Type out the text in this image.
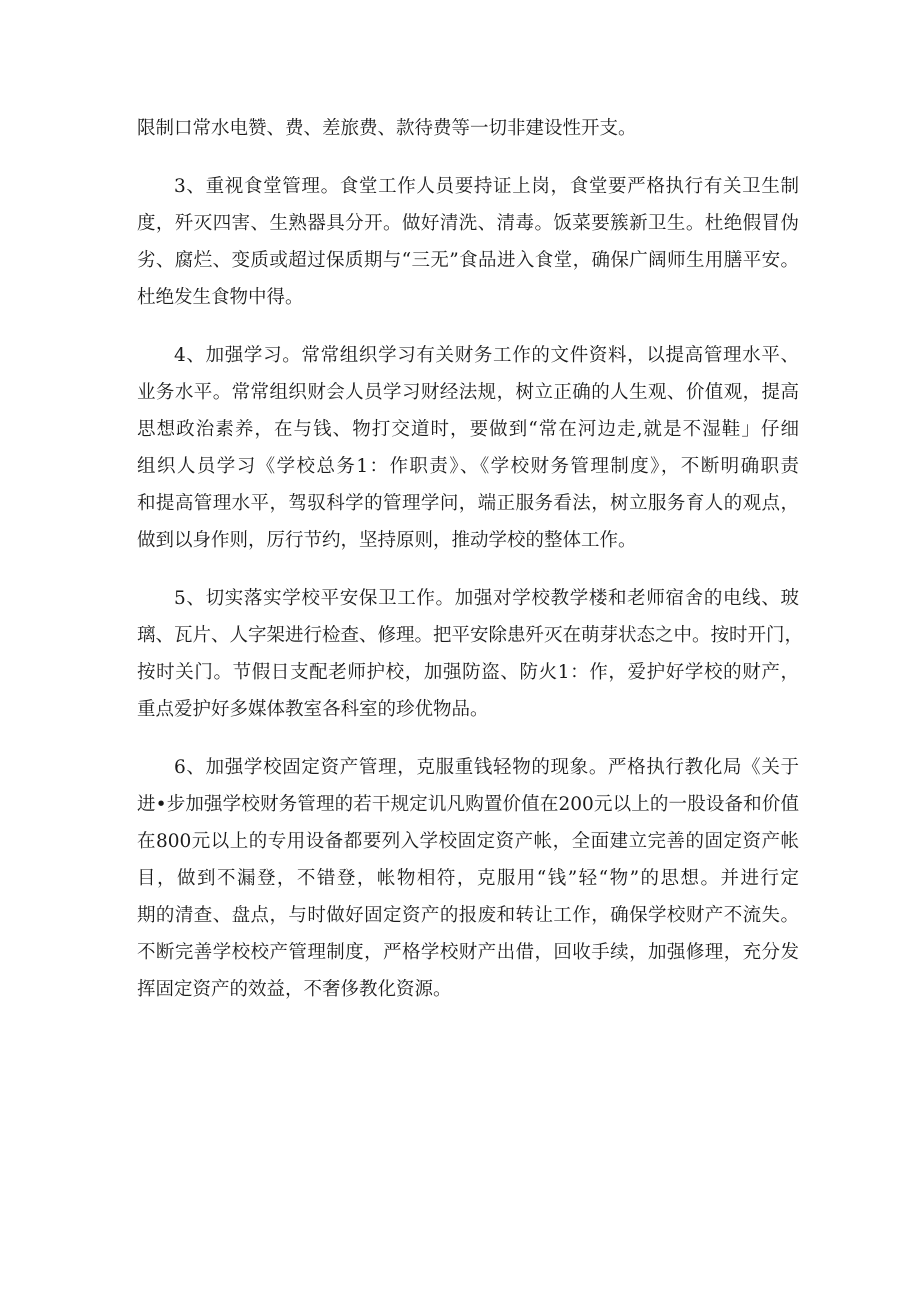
限制口常水电赞、费、差旅费、款待费等一切非建设性开支。
3、重视食堂管理。食堂工作人员要持证上岗，食堂要严格执行有关卫生制
度，歼灭四害、生熟器具分开。做好清洗、清毒。饭菜要簇新卫生。杜绝假冒伪
劣、腐烂、变质或超过保质期与“三无”食品进入食堂，确保广阔师生用膳平安。
杜绝发生食物中得。
4、加强学习。常常组织学习有关财务工作的文件资料，以提高管理水平、
业务水平。常常组织财会人员学习财经法规，树立正确的人生观、价值观，提高
思想政治素养，在与钱、物打交道时，要做到“常在河边走,就是不湿鞋」仔细
组织人员学习《学校总务1：作职责》、《学校财务管理制度》，不断明确职责
和提高管理水平，驾驭科学的管理学问，端正服务看法，树立服务育人的观点，
做到以身作则，厉行节约，坚持原则，推动学校的整体工作。
5、切实落实学校平安保卫工作。加强对学校教学楼和老师宿舍的电线、玻
璃、瓦片、人字架进行检查、修理。把平安除患歼灭在萌芽状态之中。按时开门，
按时关门。节假日支配老师护校，加强防盗、防火1：作，爱护好学校的财产，
重点爱护好多媒体教室各科室的珍优物品。
6、加强学校固定资产管理，克服重钱轻物的现象。严格执行教化局《关于
进•步加强学校财务管理的若干规定讥凡购置价值在200元以上的一股设备和价值
在800元以上的专用设备都要列入学校固定资产帐，全面建立完善的固定资产帐
目，做到不漏登，不错登，帐物相符，克服用“钱”轻“物”的思想。并进行定
期的清查、盘点，与时做好固定资产的报废和转让工作，确保学校财产不流失。
不断完善学校校产管理制度，严格学校财产出借，回收手续，加强修理，充分发
挥固定资产的效益，不奢侈教化资源。
